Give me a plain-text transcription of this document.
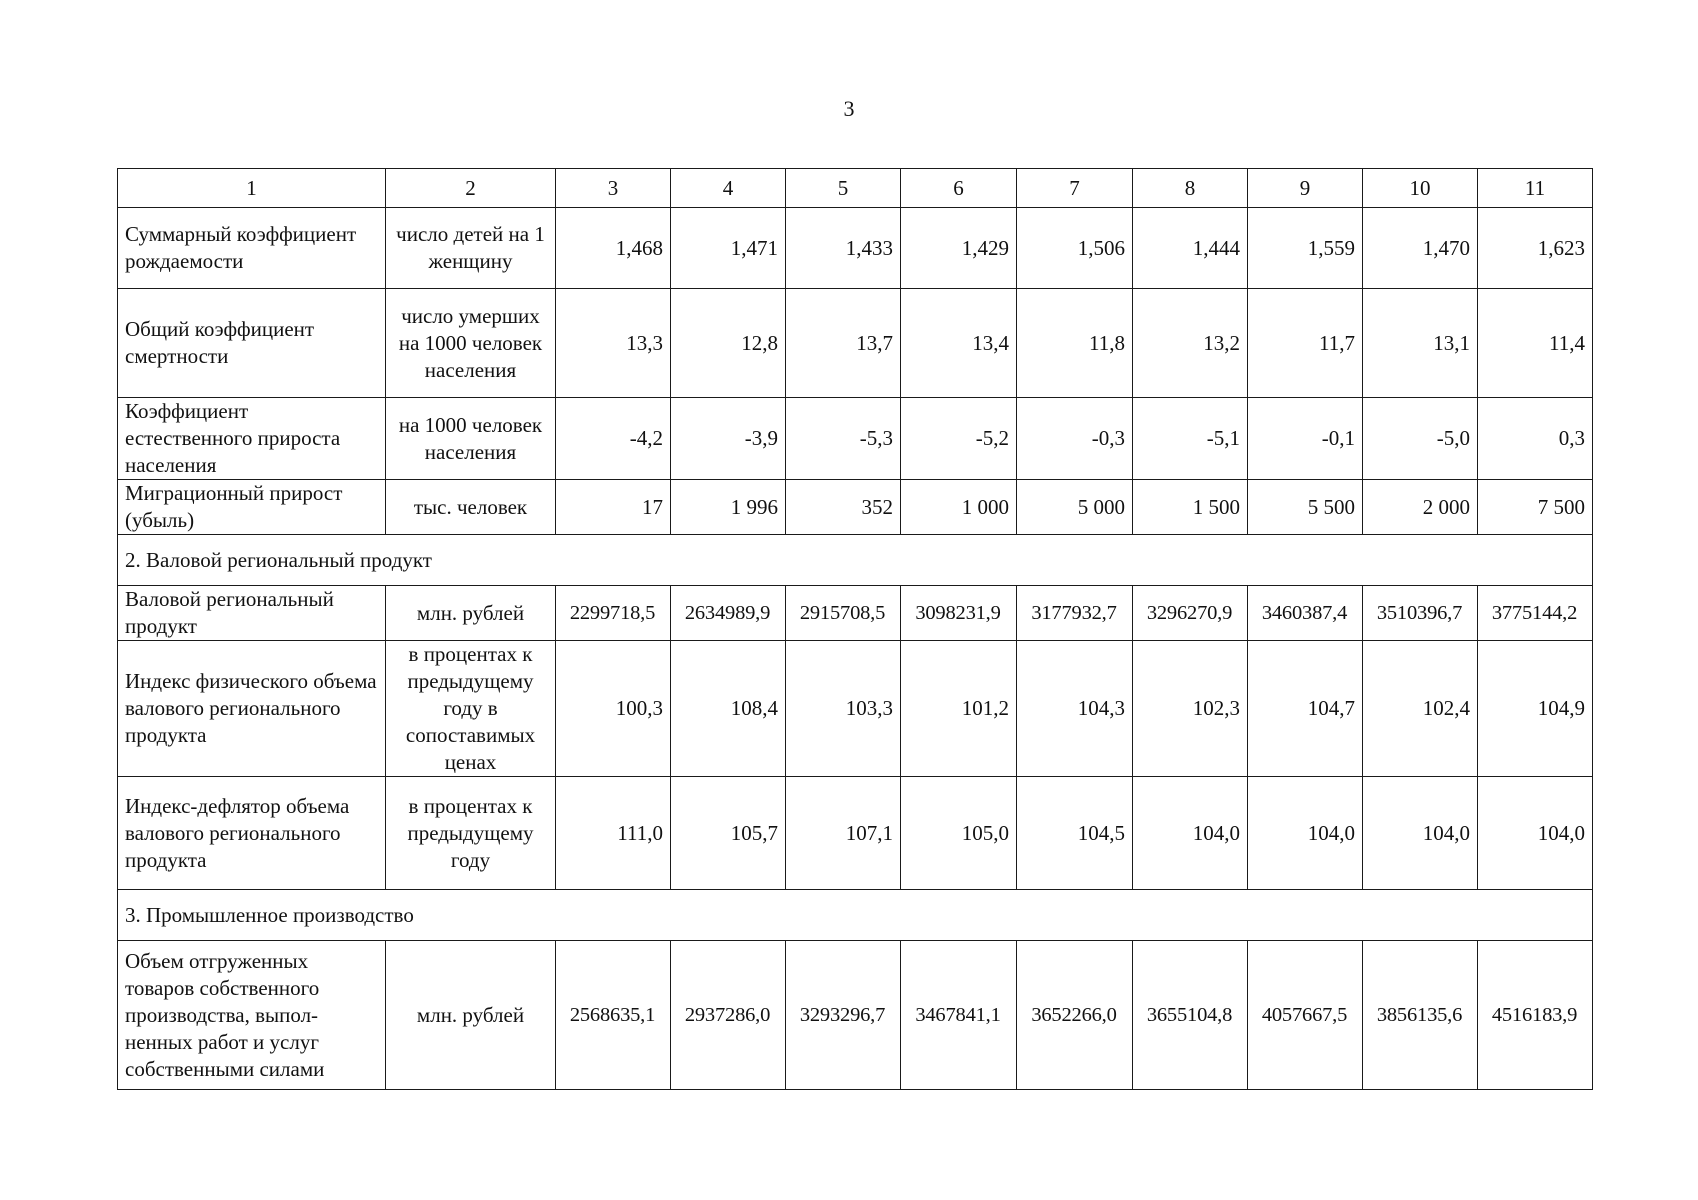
3
1	2	3	4	5	6	7	8	9	10	11
Суммарный коэффициент рождаемости	число детей на 1 женщину	1,468	1,471	1,433	1,429	1,506	1,444	1,559	1,470	1,623
Общий коэффициент смертности	число умерших на 1000 человек населения	13,3	12,8	13,7	13,4	11,8	13,2	11,7	13,1	11,4
Коэффициент естественного прироста населения	на 1000 человек населения	-4,2	-3,9	-5,3	-5,2	-0,3	-5,1	-0,1	-5,0	0,3
Миграционный прирост (убыль)	тыс. человек	17	1 996	352	1 000	5 000	1 500	5 500	2 000	7 500
2. Валовой региональный продукт										
Валовой региональный продукт	млн. рублей	2299718,5	2634989,9	2915708,5	3098231,9	3177932,7	3296270,9	3460387,4	3510396,7	3775144,2
Индекс физического объема валового регионального продукта	в процентах к предыдущему году в сопоставимых ценах	100,3	108,4	103,3	101,2	104,3	102,3	104,7	102,4	104,9
Индекс-дефлятор объема валового регионального продукта	в процентах к предыдущему году	111,0	105,7	107,1	105,0	104,5	104,0	104,0	104,0	104,0
3. Промышленное производство										
Объем отгруженных товаров собственного производства, выпол-ненных работ и услуг собственными силами	млн. рублей	2568635,1	2937286,0	3293296,7	3467841,1	3652266,0	3655104,8	4057667,5	3856135,6	4516183,9
